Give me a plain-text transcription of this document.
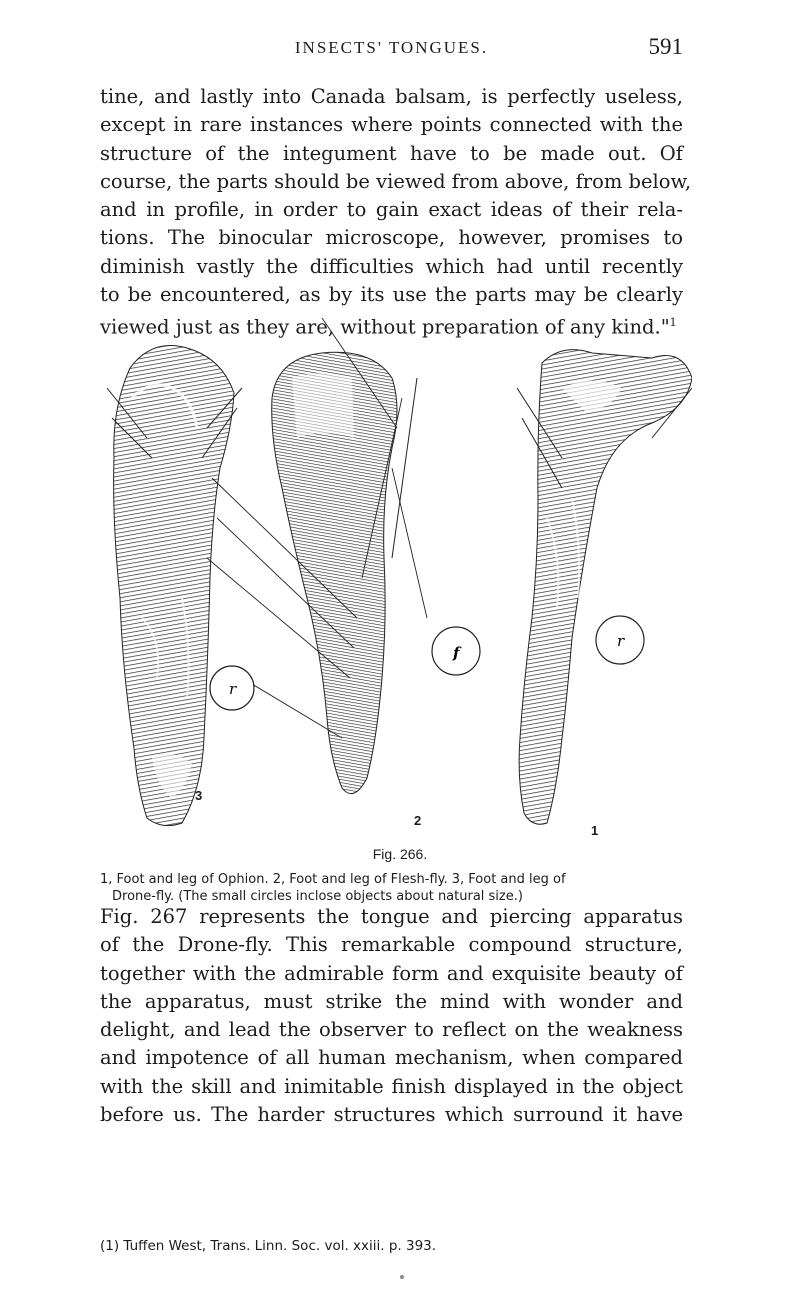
INSECTS' TONGUES.	591

tine, and lastly into Canada balsam, is perfectly useless,
except in rare instances where points connected with the
structure of the integument have to be made out. Of
course, the parts should be viewed from above, from below,
and in profile, in order to gain exact ideas of their rela-
tions. The binocular microscope, however, promises to
diminish vastly the difficulties which had until recently
to be encountered, as by its use the parts may be clearly
viewed just as they are, without preparation of any kind."$^1$

r
f
r
3
2
1
Fig. 266.
1, Foot and leg of Ophion. 2, Foot and leg of Flesh-fly. 3, Foot and leg of
Drone-fly. (The small circles inclose objects about natural size.)

Fig. 267 represents the tongue and piercing apparatus
of the Drone-fly. This remarkable compound structure,
together with the admirable form and exquisite beauty of
the apparatus, must strike the mind with wonder and
delight, and lead the observer to reflect on the weakness
and impotence of all human mechanism, when compared
with the skill and inimitable finish displayed in the object
before us. The harder structures which surround it have

(1) Tuffen West, Trans. Linn. Soc. vol. xxiii. p. 393.
